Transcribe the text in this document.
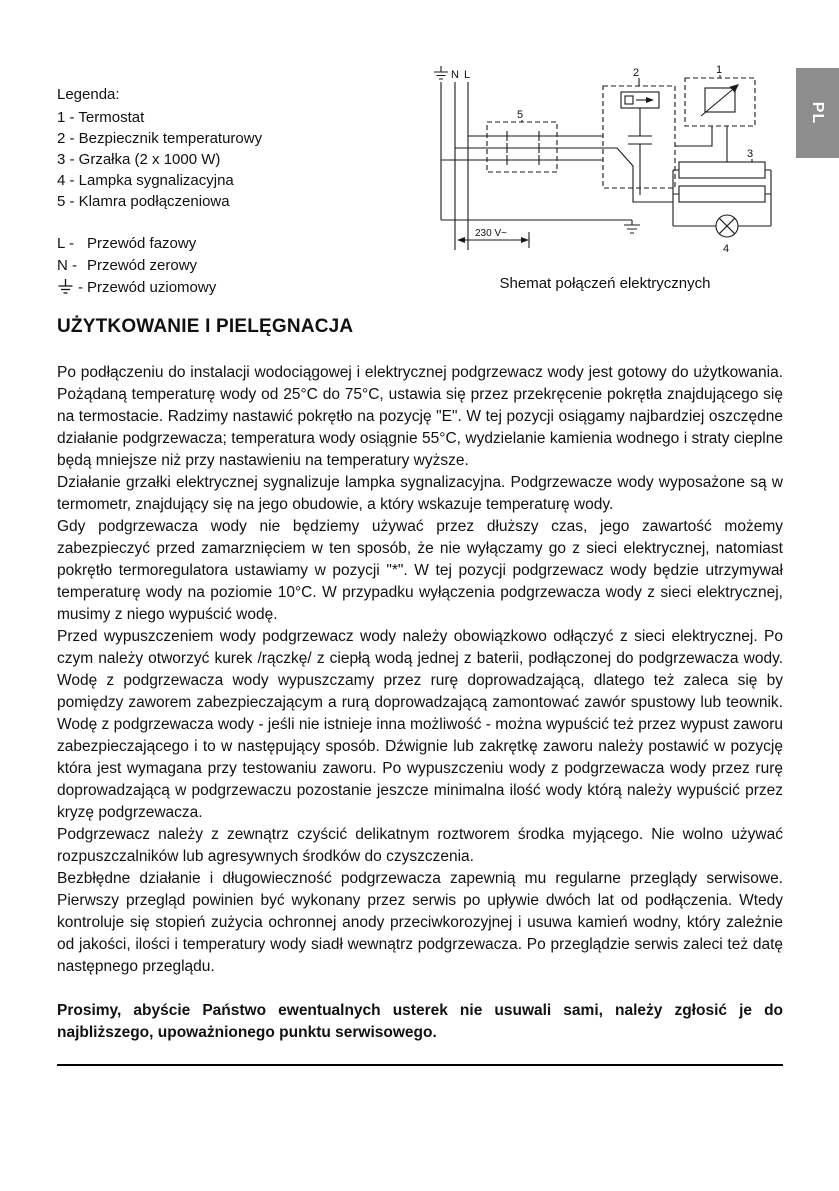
PL
Legenda:
1 - Termostat
2 - Bezpiecznik temperaturowy
3 - Grzałka (2 x 1000 W)
4 - Lampka sygnalizacyjna
5 - Klamra podłączeniowa
L - Przewód fazowy
N - Przewód zerowy
- Przewód uziomowy
N L	2	1
5
3
4
230 V~
Shemat połączeń elektrycznych
UŻYTKOWANIE I PIELĘGNACJA

Po podłączeniu do instalacji wodociągowej i elektrycznej podgrzewacz wody jest gotowy do użytkowania. Pożądaną temperaturę wody od 25°C do 75°C, ustawia się przez przekręcenie pokrętła znajdującego się na termostacie. Radzimy nastawić pokrętło na pozycję "E". W tej pozycji osiągamy najbardziej oszczędne działanie podgrzewacza; temperatura wody osiągnie 55°C, wydzielanie kamienia wodnego i straty cieplne będą mniejsze niż przy nastawieniu na temperatury wyższe.

Działanie grzałki elektrycznej sygnalizuje lampka sygnalizacyjna. Podgrzewacze wody wyposażone są w termometr, znajdujący się na jego obudowie, a który wskazuje temperaturę wody.

Gdy podgrzewacza wody nie będziemy używać przez dłuższy czas, jego zawartość możemy zabezpieczyć przed zamarznięciem w ten sposób, że nie wyłączamy go z sieci elektrycznej, natomiast pokrętło termoregulatora ustawiamy w pozycji "*". W tej pozycji podgrzewacz wody będzie utrzymywał temperaturę wody na poziomie 10°C. W przypadku wyłączenia podgrzewacza wody z sieci elektrycznej, musimy z niego wypuścić wodę.

Przed wypuszczeniem wody podgrzewacz wody należy obowiązkowo odłączyć z sieci elektrycznej. Po czym należy otworzyć kurek /rączkę/ z ciepłą wodą jednej z baterii, podłączonej do podgrzewacza wody. Wodę z podgrzewacza wody wypuszczamy przez rurę doprowadzającą, dlatego też zaleca się by pomiędzy zaworem zabezpieczającym a rurą doprowadzającą zamontować zawór spustowy lub teownik. Wodę z podgrzewacza wody - jeśli nie istnieje inna możliwość - można wypuścić też przez wypust zaworu zabezpieczającego i to w następujący sposób. Dźwignie lub zakrętkę zaworu należy postawić w pozycję która jest wymagana przy testowaniu zaworu. Po wypuszczeniu wody z podgrzewacza wody przez rurę doprowadzającą w podgrzewaczu pozostanie jeszcze minimalna ilość wody którą należy wypuścić przez kryzę podgrzewacza.

Podgrzewacz należy z zewnątrz czyścić delikatnym roztworem środka myjącego. Nie wolno używać rozpuszczalników lub agresywnych środków do czyszczenia.

Bezbłędne działanie i długowieczność podgrzewacza zapewnią mu regularne przeglądy serwisowe. Pierwszy przegląd powinien być wykonany przez serwis po upływie dwóch lat od podłączenia. Wtedy kontroluje się stopień zużycia ochronnej anody przeciwkorozyjnej i usuwa kamień wodny, który zależnie od jakości, ilości i temperatury wody siadł wewnątrz podgrzewacza. Po przeglądzie serwis zaleci też datę następnego przeglądu.

Prosimy, abyście Państwo ewentualnych usterek nie usuwali sami, należy zgłosić je do najbliższego, upoważnionego punktu serwisowego.
